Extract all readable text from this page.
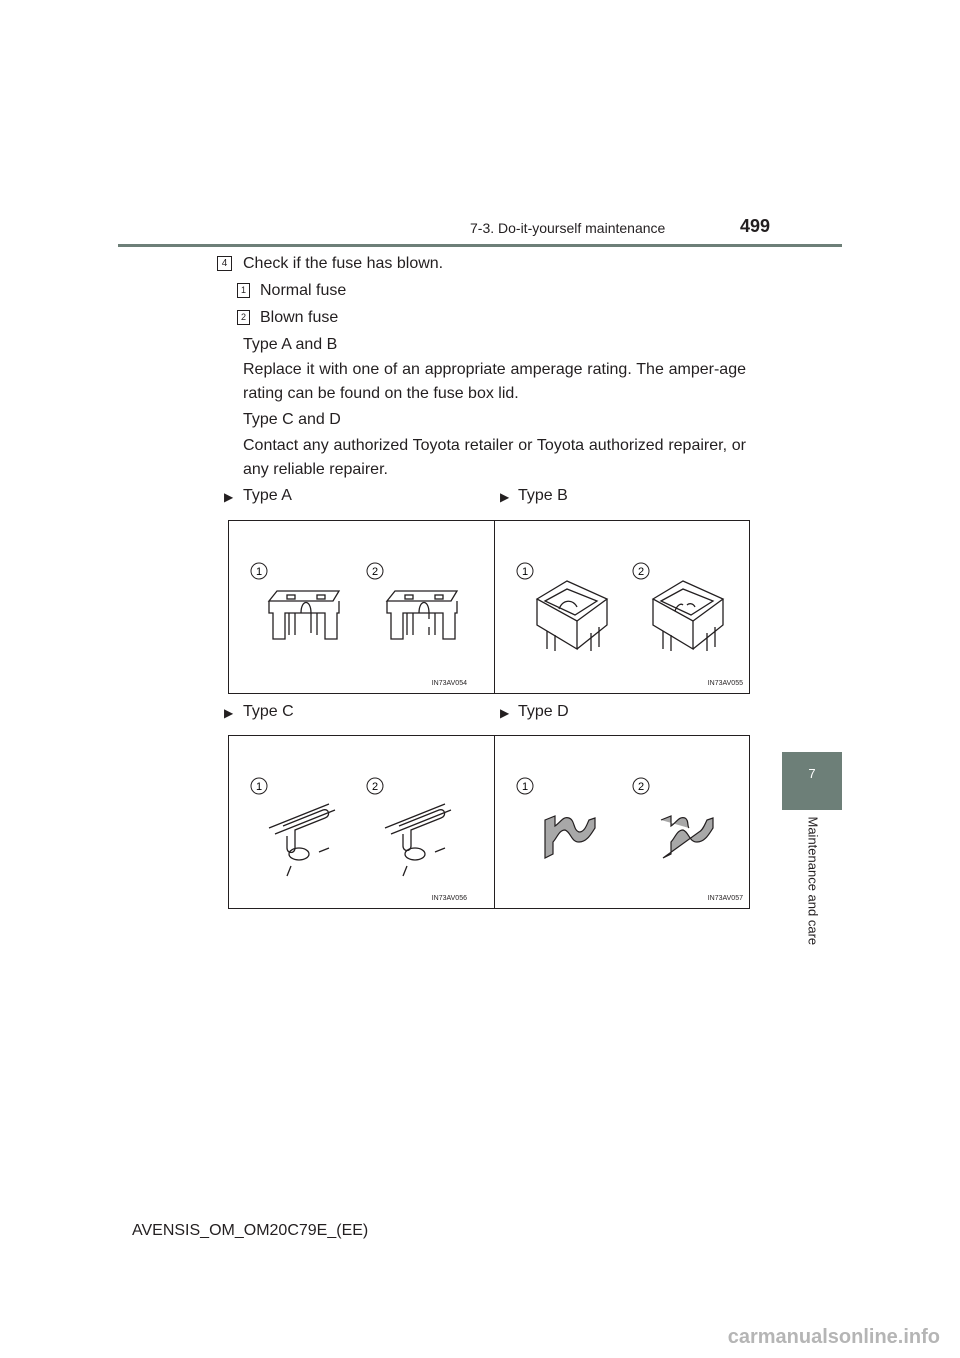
7-3. Do-it-yourself maintenance	499
7
Maintenance and care
4 Check if the fuse has blown.
1 Normal fuse
2 Blown fuse
Type A and B
Replace it with one of an appropriate amperage rating. The amper-age rating can be found on the fuse box lid.
Type C and D
Contact any authorized Toyota retailer or Toyota authorized repairer, or any reliable repairer.
▶ Type A	▶ Type B
▶ Type C	▶ Type D
1	2
IN73AV054
1	2
IN73AV055
1	2
IN73AV056
1	2
IN73AV057
AVENSIS_OM_OM20C79E_(EE)
carmanualsonline.info
